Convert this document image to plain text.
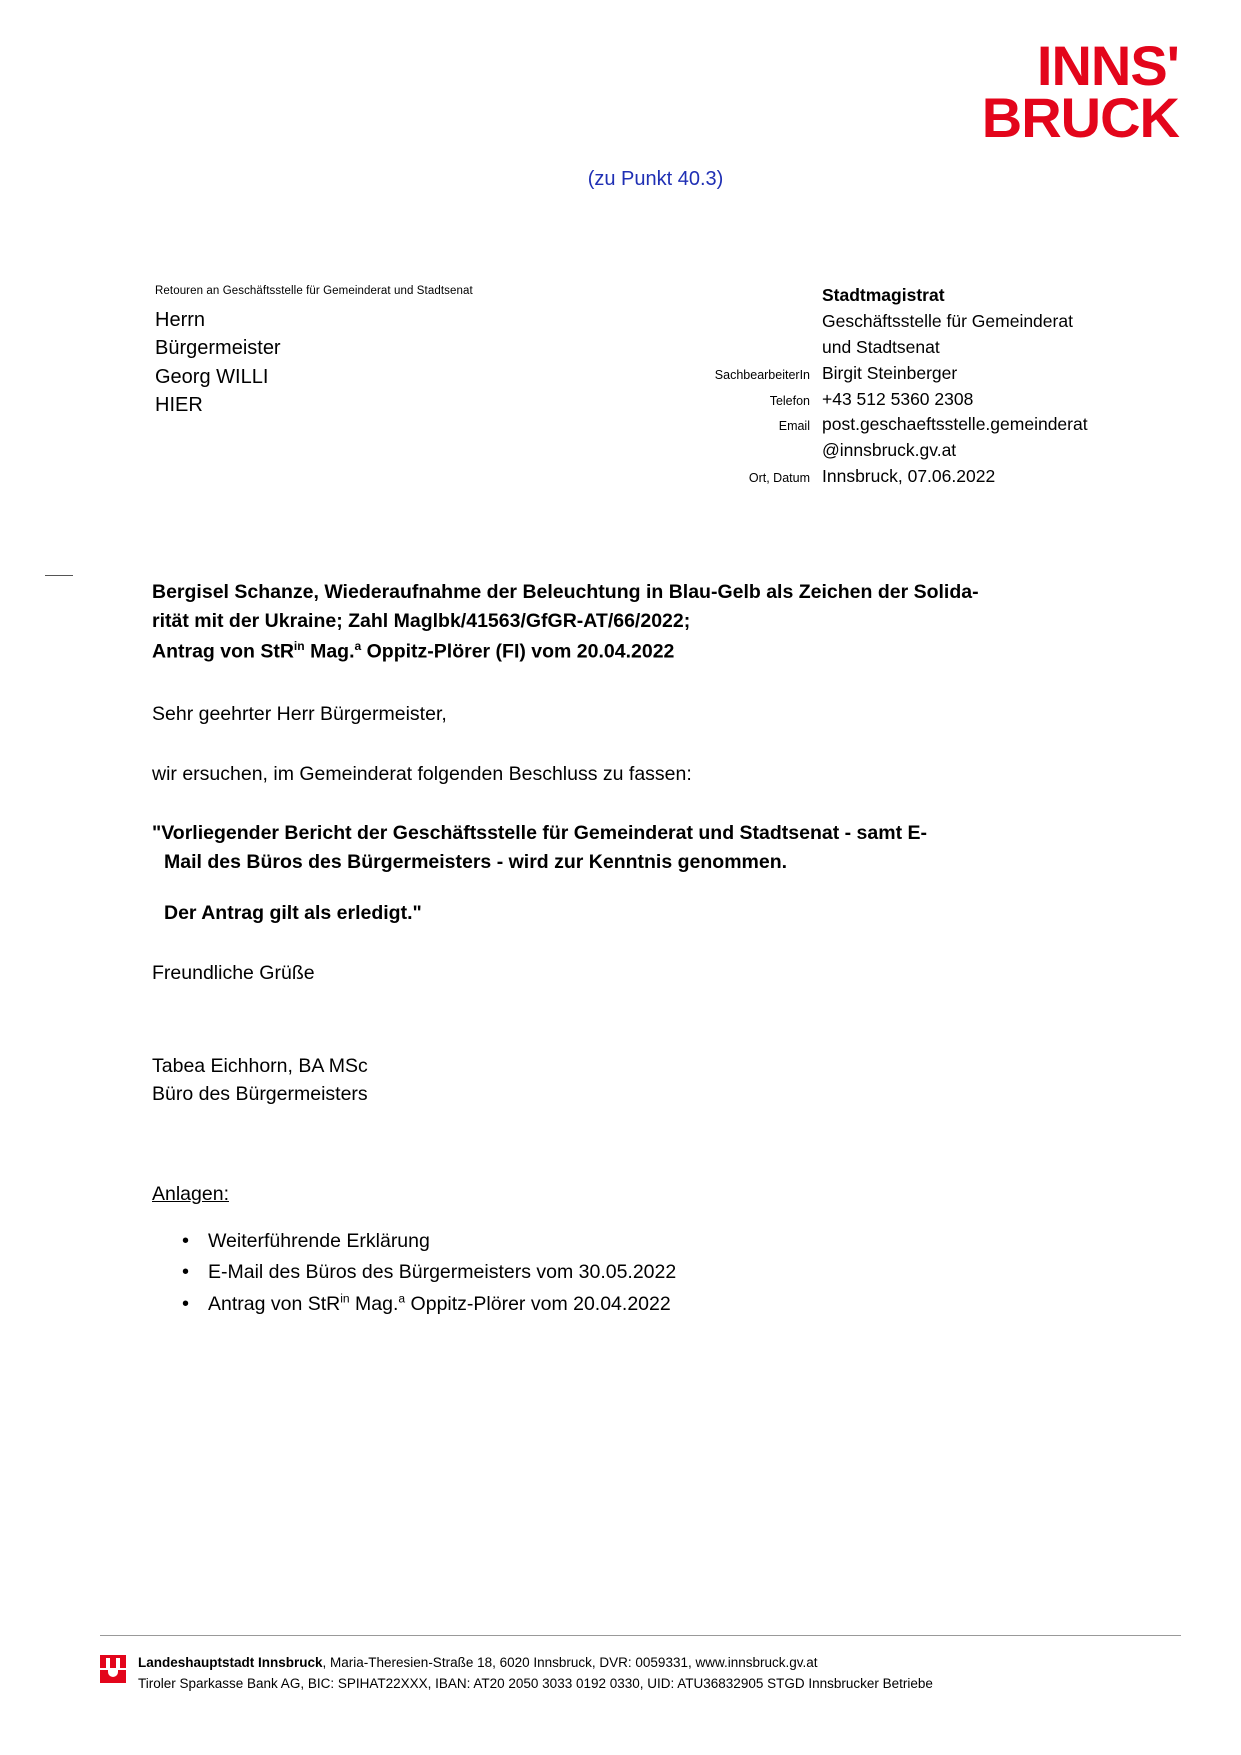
INNS'
BRUCK
(zu Punkt 40.3)
Retouren an Geschäftsstelle für Gemeinderat und Stadtsenat
Herrn
Bürgermeister
Georg WILLI
HIER
Stadtmagistrat
Geschäftsstelle für Gemeinderat
und Stadtsenat
SachbearbeiterIn Birgit Steinberger
Telefon +43 512 5360 2308
Email post.geschaeftsstelle.gemeinderat
@innsbruck.gv.at
Ort, Datum Innsbruck, 07.06.2022
Bergisel Schanze, Wiederaufnahme der Beleuchtung in Blau-Gelb als Zeichen der Solida-
rität mit der Ukraine; Zahl Maglbk/41563/GfGR-AT/66/2022;
Antrag von StR$^{in}$ Mag.$^a$ Oppitz-Plörer (FI) vom 20.04.2022
Sehr geehrter Herr Bürgermeister,
wir ersuchen, im Gemeinderat folgenden Beschluss zu fassen:
"Vorliegender Bericht der Geschäftsstelle für Gemeinderat und Stadtsenat - samt E-
Mail des Büros des Bürgermeisters - wird zur Kenntnis genommen.
Der Antrag gilt als erledigt."
Freundliche Grüße
Tabea Eichhorn, BA MSc
Büro des Bürgermeisters
Anlagen:
• Weiterführende Erklärung
• E-Mail des Büros des Bürgermeisters vom 30.05.2022
• Antrag von StR$^{in}$ Mag.$^a$ Oppitz-Plörer vom 20.04.2022
Landeshauptstadt Innsbruck, Maria-Theresien-Straße 18, 6020 Innsbruck, DVR: 0059331, www.innsbruck.gv.at
Tiroler Sparkasse Bank AG, BIC: SPIHAT22XXX, IBAN: AT20 2050 3033 0192 0330, UID: ATU36832905 STGD Innsbrucker Betriebe
